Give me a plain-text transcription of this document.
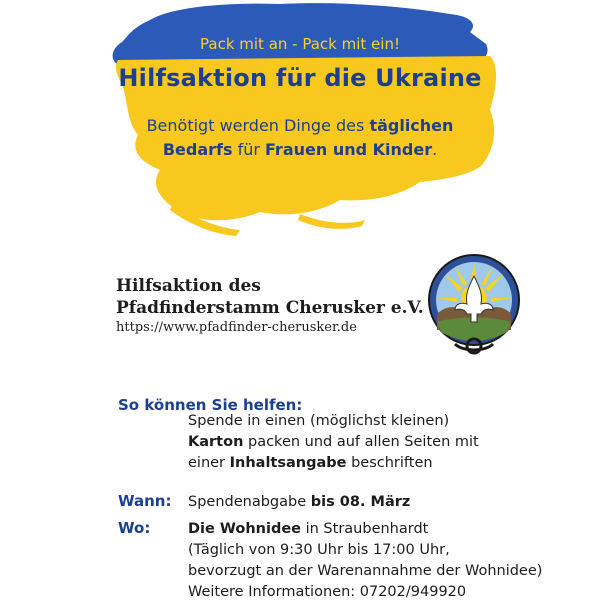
Pack mit an - Pack mit ein!
Hilfsaktion für die Ukraine
Benötigt werden Dinge des täglichen
Bedarfs für Frauen und Kinder.
Hilfsaktion des
Pfadfinderstamm Cherusker e.V.
https://www.pfadfinder-cherusker.de
So können Sie helfen:
Spende in einen (möglichst kleinen)
Karton packen und auf allen Seiten mit
einer Inhaltsangabe beschriften
Wann: Spendenabgabe bis 08. März
Wo:	Die Wohnidee in Straubenhardt
(Täglich von 9:30 Uhr bis 17:00 Uhr,
bevorzugt an der Warenannahme der Wohnidee)
Weitere Informationen: 07202/949920
